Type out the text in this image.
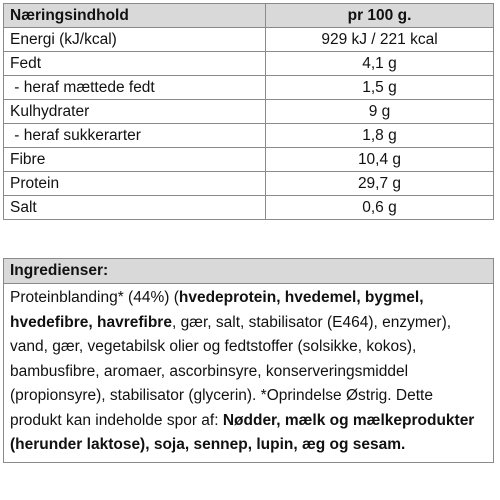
Næringsindhold	pr 100 g.
Energi (kJ/kcal)	929 kJ / 221 kcal
Fedt	4,1 g
- heraf mættede fedt	1,5 g
Kulhydrater	9 g
- heraf sukkerarter	1,8 g
Fibre	10,4 g
Protein	29,7 g
Salt	0,6 g
Ingredienser:
Proteinblanding* (44%) (hvedeprotein, hvedemel, bygmel, hvedefibre, havrefibre, gær, salt, stabilisator (E464), enzymer), vand, gær, vegetabilsk olier og fedtstoffer (solsikke, kokos), bambusfibre, aromaer, ascorbinsyre, konserveringsmiddel (propionsyre), stabilisator (glycerin). *Oprindelse Østrig. Dette produkt kan indeholde spor af: Nødder, mælk og mælkeprodukter (herunder laktose), soja, sennep, lupin, æg og sesam.
